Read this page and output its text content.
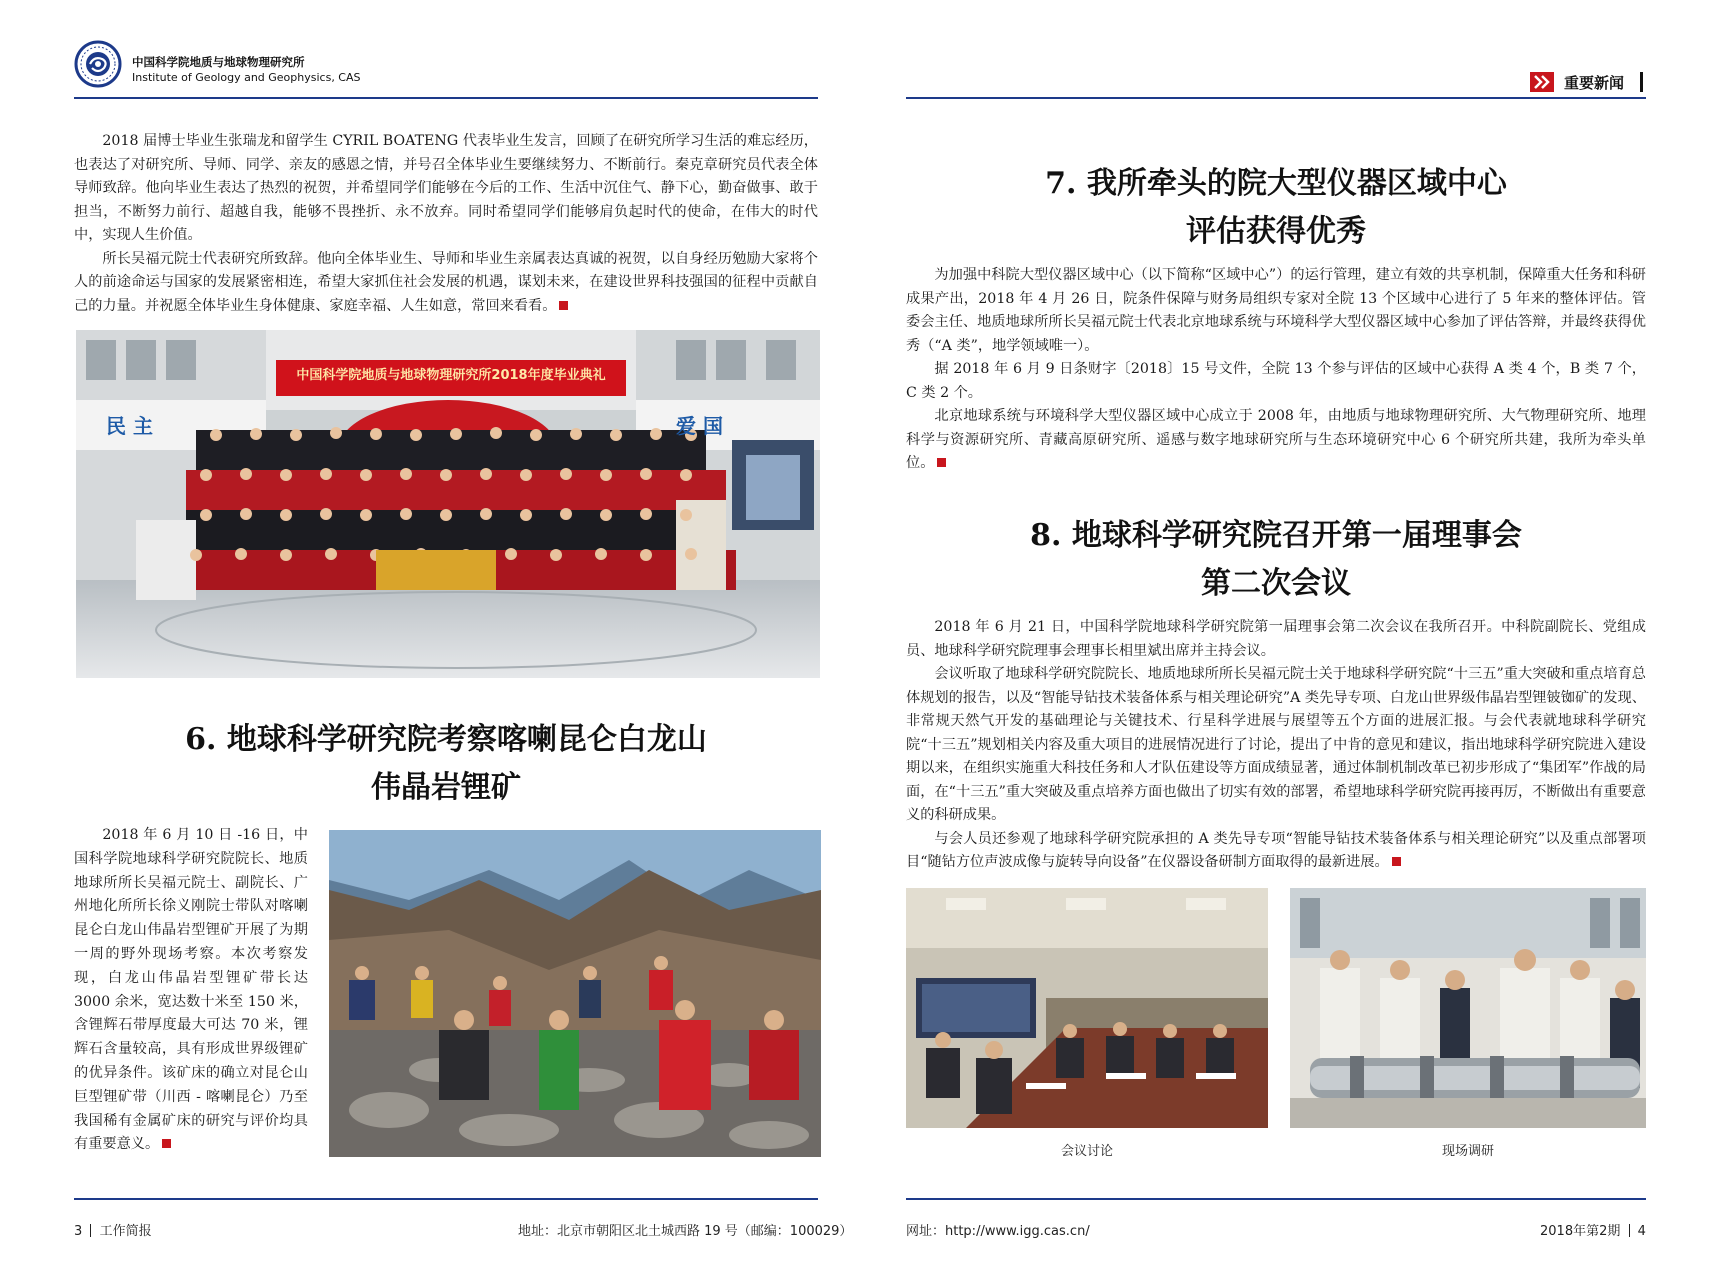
中国科学院地质与地球物理研究所
Institute of Geology and Geophysics, CAS	重要新闻

2018 届博士毕业生张瑞龙和留学生 CYRIL BOATENG 代表毕业生发言，回顾了在研究所学习生活的难忘经历，也表达了对研究所、导师、同学、亲友的感恩之情，并号召全体毕业生要继续努力、不断前行。秦克章研究员代表全体导师致辞。他向毕业生表达了热烈的祝贺，并希望同学们能够在今后的工作、生活中沉住气、静下心，勤奋做事、敢于担当，不断努力前行、超越自我，能够不畏挫折、永不放弃。同时希望同学们能够肩负起时代的使命，在伟大的时代中，实现人生价值。

所长吴福元院士代表研究所致辞。他向全体毕业生、导师和毕业生亲属表达真诚的祝贺，以自身经历勉励大家将个人的前途命运与国家的发展紧密相连，希望大家抓住社会发展的机遇，谋划未来，在建设世界科技强国的征程中贡献自己的力量。并祝愿全体毕业生身体健康、家庭幸福、人生如意，常回来看看。

中国科学院地质与地球物理研究所2018年度毕业典礼
民 主	爱 国
6. 地球科学研究院考察喀喇昆仑白龙山
伟晶岩锂矿

2018 年 6 月 10 日 -16 日，中国科学院地球科学研究院院长、地质地球所所长吴福元院士、副院长、广州地化所所长徐义刚院士带队对喀喇昆仑白龙山伟晶岩型锂矿开展了为期一周的野外现场考察。本次考察发现，白龙山伟晶岩型锂矿带长达 3000 余米，宽达数十米至 150 米，含锂辉石带厚度最大可达 70 米，锂辉石含量较高，具有形成世界级锂矿的优异条件。该矿床的确立对昆仑山巨型锂矿带（川西 - 喀喇昆仑）乃至我国稀有金属矿床的研究与评价均具有重要意义。

3 工作简报	地址：北京市朝阳区北土城西路 19 号（邮编：100029）
7. 我所牵头的院大型仪器区域中心
评估获得优秀

为加强中科院大型仪器区域中心（以下简称“区域中心”）的运行管理，建立有效的共享机制，保障重大任务和科研成果产出，2018 年 4 月 26 日，院条件保障与财务局组织专家对全院 13 个区域中心进行了 5 年来的整体评估。管委会主任、地质地球所所长吴福元院士代表北京地球系统与环境科学大型仪器区域中心参加了评估答辩，并最终获得优秀（“A 类”，地学领域唯一）。

据 2018 年 6 月 9 日条财字〔2018〕15 号文件，全院 13 个参与评估的区域中心获得 A 类 4 个，B 类 7 个，C 类 2 个。

北京地球系统与环境科学大型仪器区域中心成立于 2008 年，由地质与地球物理研究所、大气物理研究所、地理科学与资源研究所、青藏高原研究所、遥感与数字地球研究所与生态环境研究中心 6 个研究所共建，我所为牵头单位。

8. 地球科学研究院召开第一届理事会
第二次会议

2018 年 6 月 21 日，中国科学院地球科学研究院第一届理事会第二次会议在我所召开。中科院副院长、党组成员、地球科学研究院理事会理事长相里斌出席并主持会议。

会议听取了地球科学研究院院长、地质地球所所长吴福元院士关于地球科学研究院“十三五”重大突破和重点培育总体规划的报告，以及“智能导钻技术装备体系与相关理论研究”A 类先导专项、白龙山世界级伟晶岩型锂铍铷矿的发现、非常规天然气开发的基础理论与关键技术、行星科学进展与展望等五个方面的进展汇报。与会代表就地球科学研究院“十三五”规划相关内容及重大项目的进展情况进行了讨论，提出了中肯的意见和建议，指出地球科学研究院进入建设期以来，在组织实施重大科技任务和人才队伍建设等方面成绩显著，通过体制机制改革已初步形成了“集团军”作战的局面，在“十三五”重大突破及重点培养方面也做出了切实有效的部署，希望地球科学研究院再接再厉，不断做出有重要意义的科研成果。

与会人员还参观了地球科学研究院承担的 A 类先导专项“智能导钻技术装备体系与相关理论研究”以及重点部署项目“随钻方位声波成像与旋转导向设备”在仪器设备研制方面取得的最新进展。

会议讨论	现场调研
网址：http://www.igg.cas.cn/	2018年第2期 4
